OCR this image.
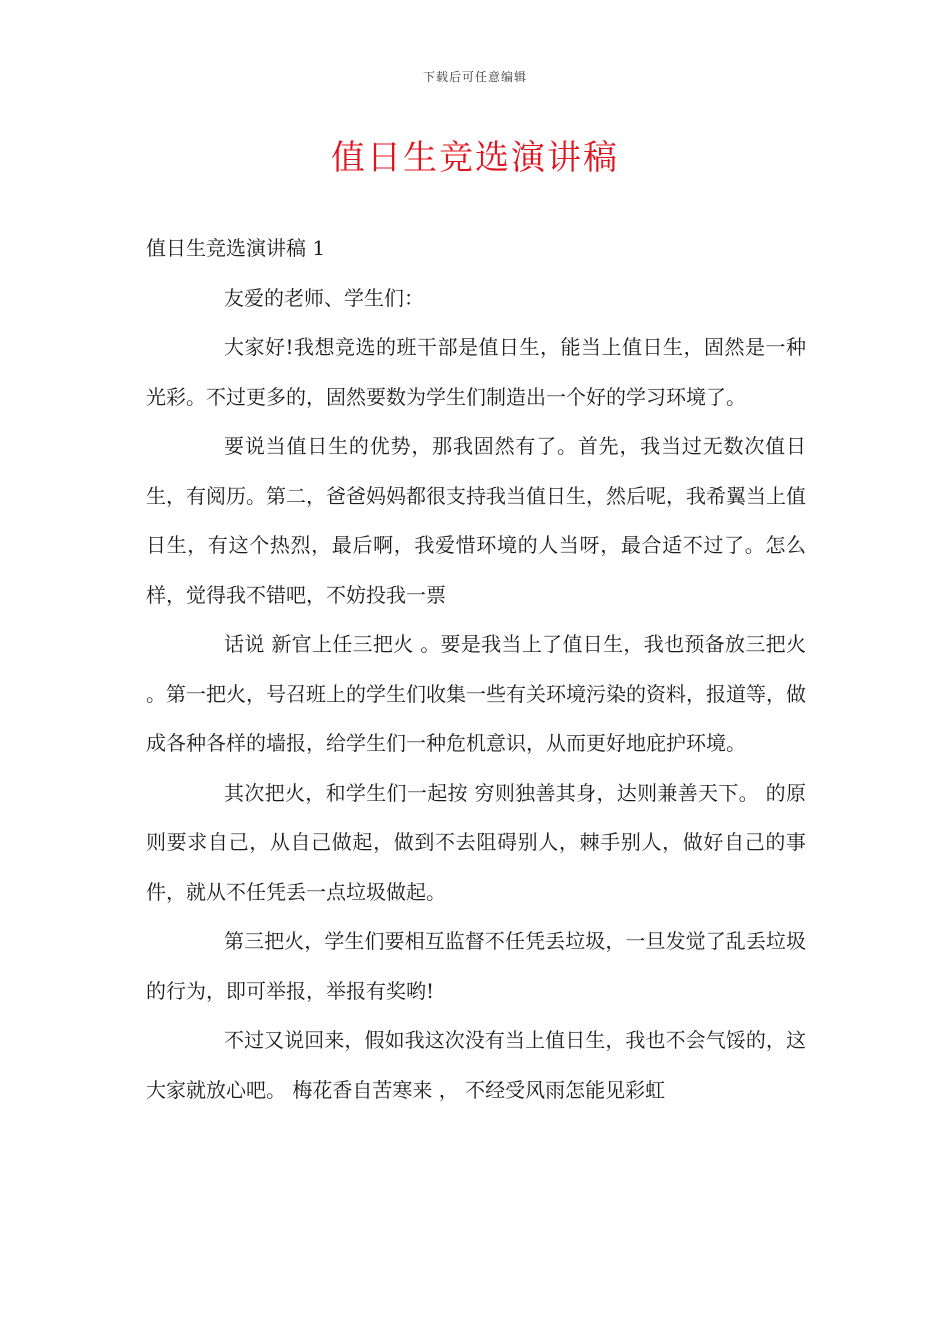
下载后可任意编辑
值日生竞选演讲稿

值日生竞选演讲稿 1

友爱的老师、学生们：

大家好!我想竞选的班干部是值日生，能当上值日生，固然是一种光彩。不过更多的，固然要数为学生们制造出一个好的学习环境了。

要说当值日生的优势，那我固然有了。首先，我当过无数次值日生，有阅历。第二，爸爸妈妈都很支持我当值日生，然后呢，我希翼当上值日生，有这个热烈，最后啊，我爱惜环境的人当呀，最合适不过了。怎么样，觉得我不错吧，不妨投我一票

话说 新官上任三把火 。要是我当上了值日生，我也预备放三把火 。第一把火，号召班上的学生们收集一些有关环境污染的资料，报道等，做成各种各样的墙报，给学生们一种危机意识，从而更好地庇护环境。

其次把火，和学生们一起按 穷则独善其身，达则兼善天下。 的原则要求自己，从自己做起，做到不去阻碍别人，棘手别人，做好自己的事件，就从不任凭丢一点垃圾做起。

第三把火，学生们要相互监督不任凭丢垃圾，一旦发觉了乱丢垃圾的行为，即可举报，举报有奖哟!

不过又说回来，假如我这次没有当上值日生，我也不会气馁的，这大家就放心吧。 梅花香自苦寒来 ， 不经受风雨怎能见彩虹
